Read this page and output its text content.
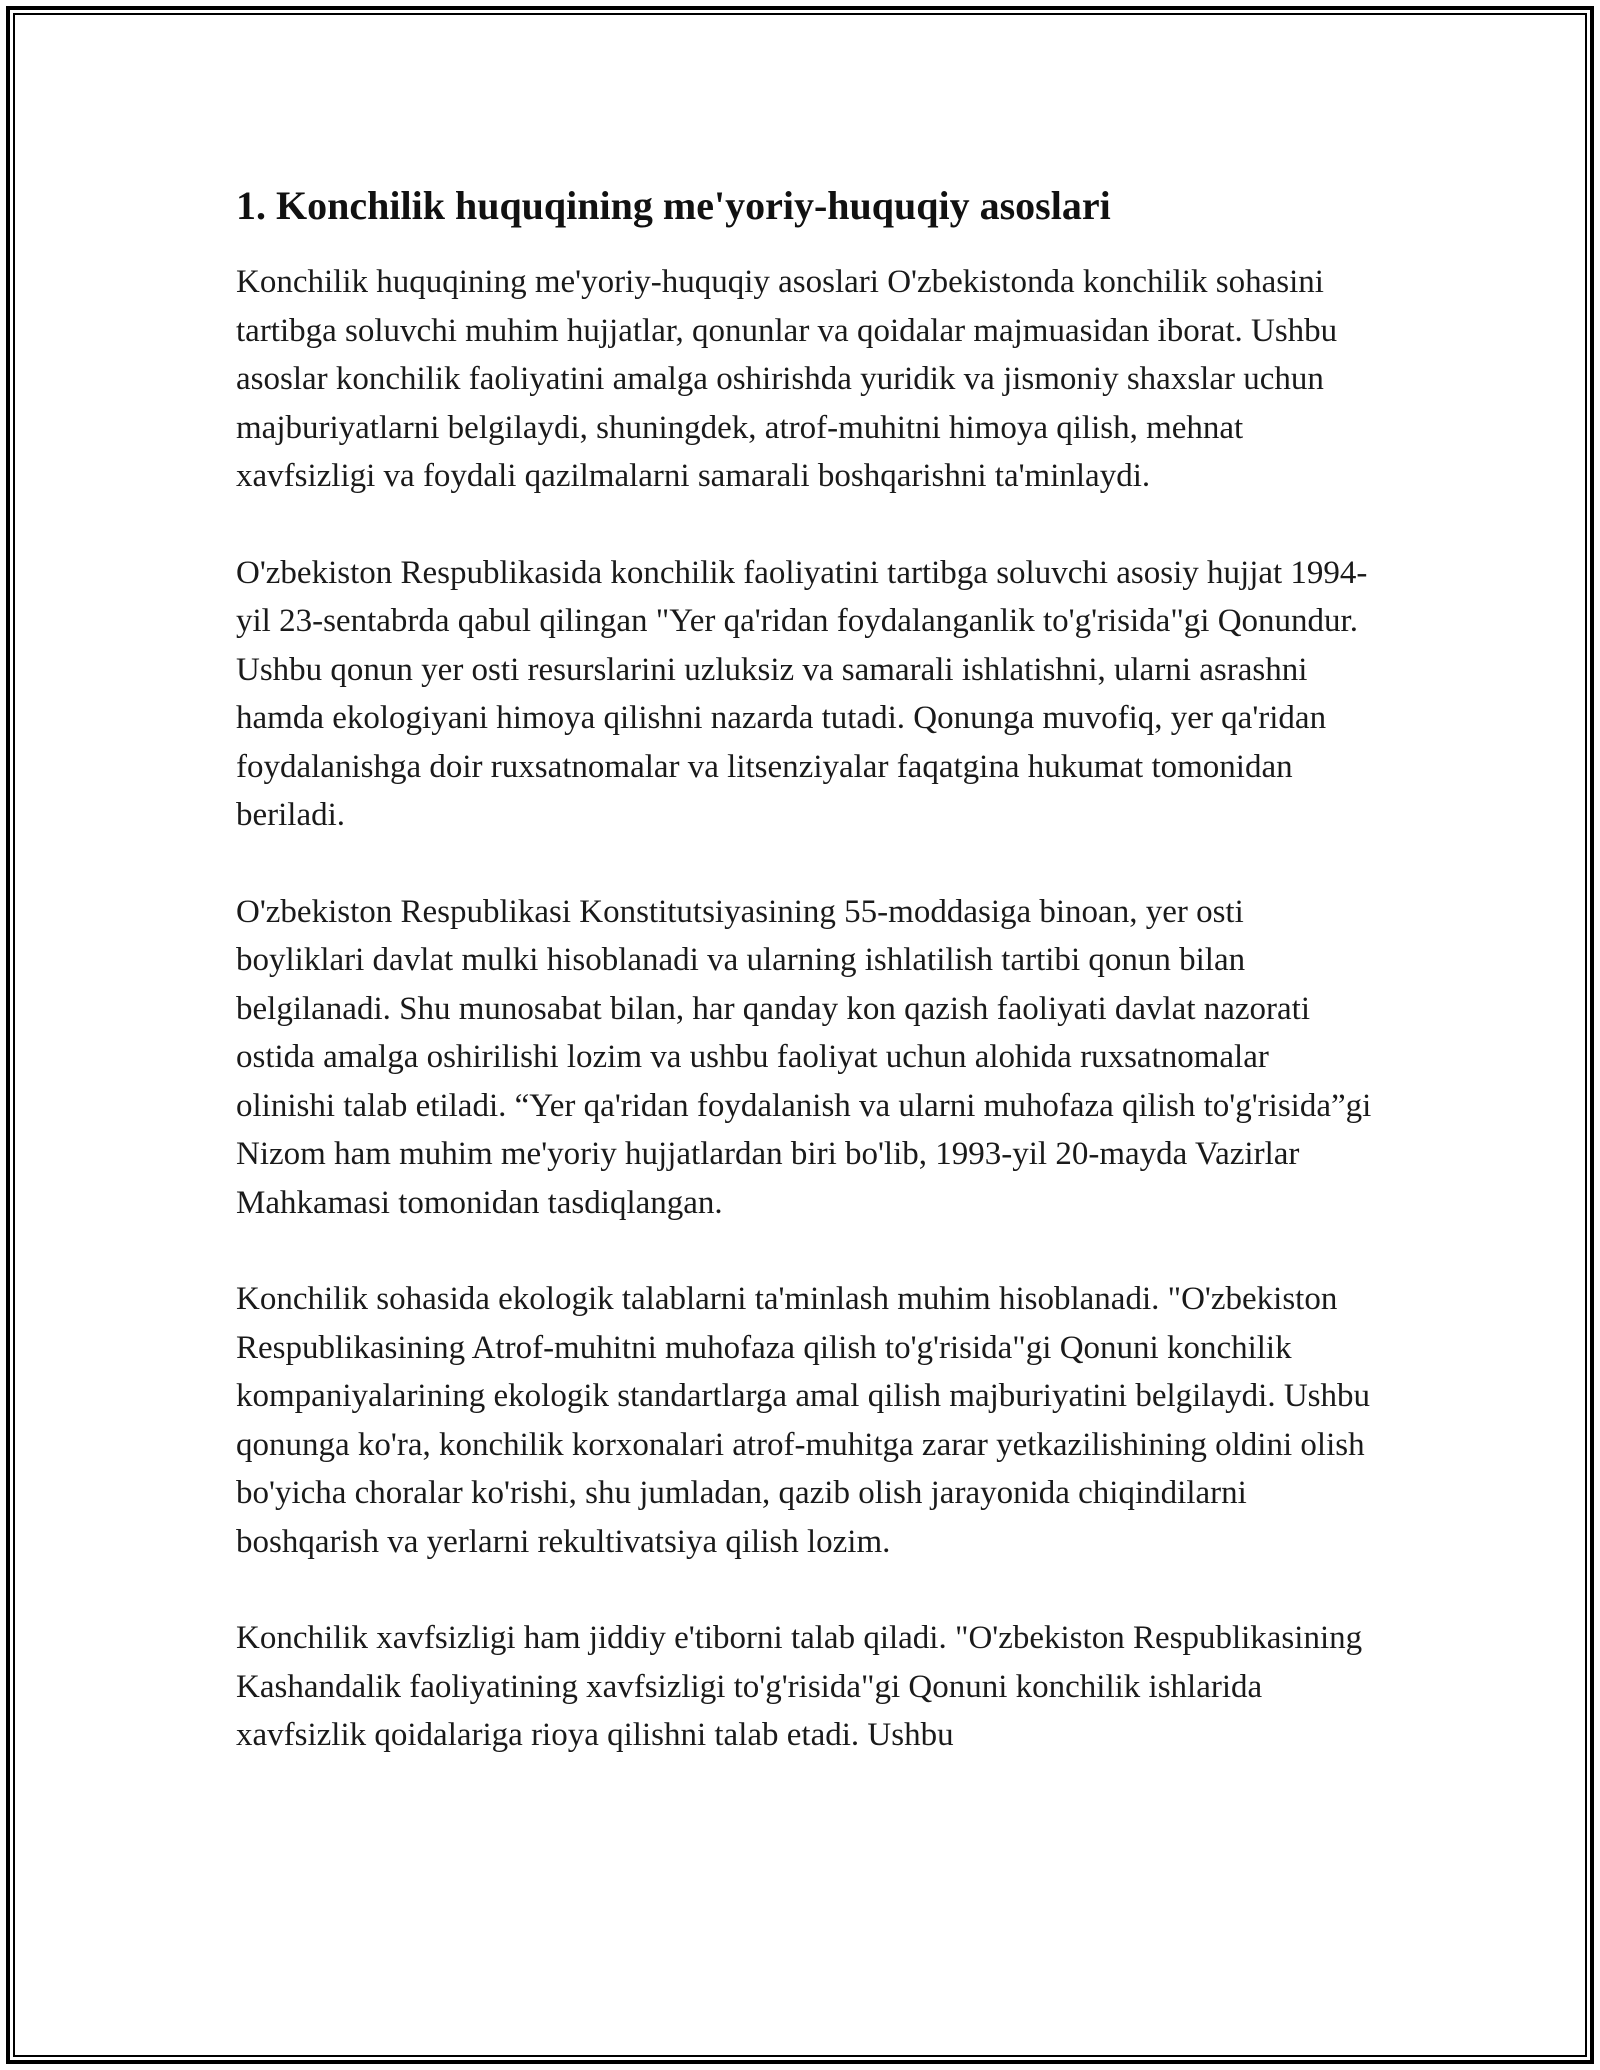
1. Konchilik huquqining me'yoriy-huquqiy asoslari

Konchilik huquqining me'yoriy-huquqiy asoslari O'zbekistonda konchilik sohasini tartibga soluvchi muhim hujjatlar, qonunlar va qoidalar majmuasidan iborat. Ushbu asoslar konchilik faoliyatini amalga oshirishda yuridik va jismoniy shaxslar uchun majburiyatlarni belgilaydi, shuningdek, atrof-muhitni himoya qilish, mehnat xavfsizligi va foydali qazilmalarni samarali boshqarishni ta'minlaydi.

O'zbekiston Respublikasida konchilik faoliyatini tartibga soluvchi asosiy hujjat 1994-yil 23-sentabrda qabul qilingan "Yer qa'ridan foydalanganlik to'g'risida"gi Qonundur. Ushbu qonun yer osti resurslarini uzluksiz va samarali ishlatishni, ularni asrashni hamda ekologiyani himoya qilishni nazarda tutadi. Qonunga muvofiq, yer qa'ridan foydalanishga doir ruxsatnomalar va litsenziyalar faqatgina hukumat tomonidan beriladi.

O'zbekiston Respublikasi Konstitutsiyasining 55-moddasiga binoan, yer osti boyliklari davlat mulki hisoblanadi va ularning ishlatilish tartibi qonun bilan belgilanadi. Shu munosabat bilan, har qanday kon qazish faoliyati davlat nazorati ostida amalga oshirilishi lozim va ushbu faoliyat uchun alohida ruxsatnomalar olinishi talab etiladi. “Yer qa'ridan foydalanish va ularni muhofaza qilish to'g'risida”gi Nizom ham muhim me'yoriy hujjatlardan biri bo'lib, 1993-yil 20-mayda Vazirlar Mahkamasi tomonidan tasdiqlangan.

Konchilik sohasida ekologik talablarni ta'minlash muhim hisoblanadi. "O'zbekiston Respublikasining Atrof-muhitni muhofaza qilish to'g'risida"gi Qonuni konchilik kompaniyalarining ekologik standartlarga amal qilish majburiyatini belgilaydi. Ushbu qonunga ko'ra, konchilik korxonalari atrof-muhitga zarar yetkazilishining oldini olish bo'yicha choralar ko'rishi, shu jumladan, qazib olish jarayonida chiqindilarni boshqarish va yerlarni rekultivatsiya qilish lozim.

Konchilik xavfsizligi ham jiddiy e'tiborni talab qiladi. "O'zbekiston Respublikasining Kashandalik faoliyatining xavfsizligi to'g'risida"gi Qonuni konchilik ishlarida xavfsizlik qoidalariga rioya qilishni talab etadi. Ushbu
